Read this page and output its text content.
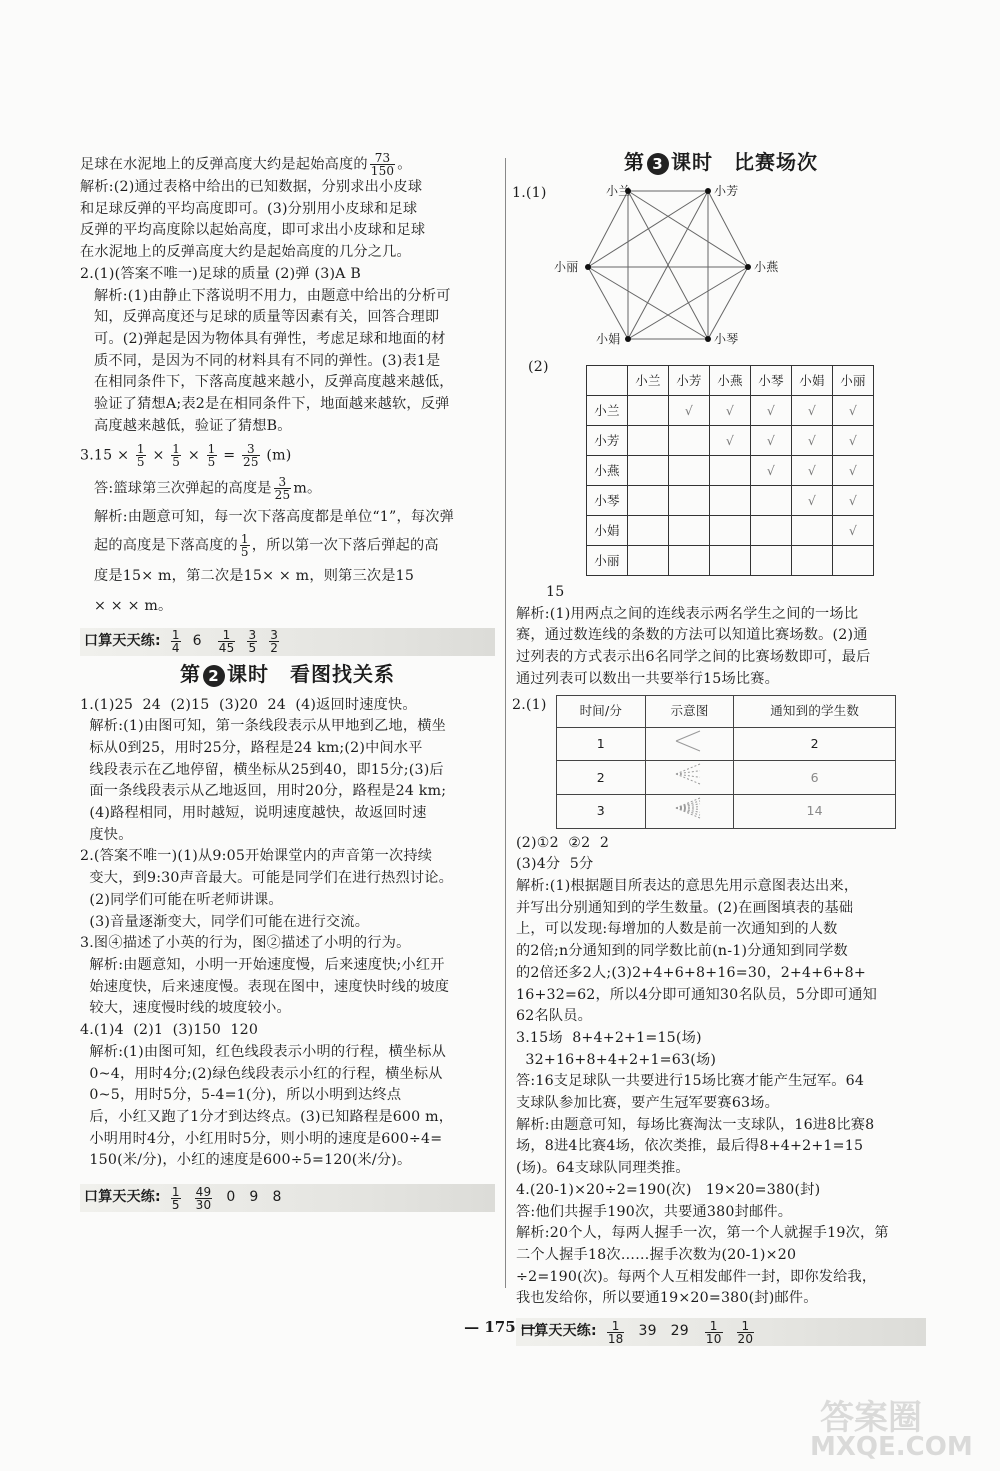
足球在水泥地上的反弹高度大约是起始高度的 $\frac{73}{150}$ 。
解析:(2)通过表格中给出的已知数据，分别求出小皮球
和足球反弹的平均高度即可。(3)分别用小皮球和足球
反弹的平均高度除以起始高度，即可求出小皮球和足球
在水泥地上的反弹高度大约是起始高度的几分之几。
2.(1)(答案不唯一)足球的质量 (2)弹 (3)A B
解析:(1)由静止下落说明不用力，由题意中给出的分析可
知，反弹高度还与足球的质量等因素有关，回答合理即
可。(2)弹起是因为物体具有弹性，考虑足球和地面的材
质不同，是因为不同的材料具有不同的弹性。(3)表1是
在相同条件下，下落高度越来越小，反弹高度越来越低，
验证了猜想A;表2是在相同条件下，地面越来越软，反弹
高度越来越低，验证了猜想B。
$3.15 \times \frac{1}{5} \times \frac{1}{5} \times \frac{1}{5} = \frac{3}{25} (m)$
答:篮球第三次弹起的高度是 $\frac{3}{25}$ m。
解析:由题意可知，每一次下落高度都是单位“1”，每次弹
起的高度是下落高度的 $\frac{1}{5}$ ，所以第一次下落后弹起的高
度是15× m，第二次是15× × m，则第三次是15
× × × m。
口算天天练: $\frac{1}{4} 6 \frac{1}{45} \frac{3}{5} \frac{3}{2}$
第 2 课时　看图找关系
1.(1)25  24  (2)15  (3)20  24  (4)返回时速度快。
解析:(1)由图可知，第一条线段表示从甲地到乙地，横坐
标从0到25，用时25分，路程是24 km;(2)中间水平
线段表示在乙地停留，横坐标从25到40，即15分;(3)后
面一条线段表示从乙地返回，用时20分，路程是24 km;
(4)路程相同，用时越短，说明速度越快，故返回时速
度快。
2.(答案不唯一)(1)从9:05开始课堂内的声音第一次持续
变大，到9:30声音最大。可能是同学们在进行热烈讨论。
(2)同学们可能在听老师讲课。
(3)音量逐渐变大，同学们可能在进行交流。
3.图④描述了小英的行为，图②描述了小明的行为。
解析:由题意知，小明一开始速度慢，后来速度快;小红开
始速度快，后来速度慢。表现在图中，速度快时线的坡度
较大，速度慢时线的坡度较小。
4.(1)4  (2)1  (3)150  120
解析:(1)由图可知，红色线段表示小明的行程，横坐标从
0~4，用时4分;(2)绿色线段表示小红的行程，横坐标从
0~5，用时5分，5-4=1(分)，所以小明到达终点
后，小红又跑了1分才到达终点。(3)已知路程是600 m，
小明用时4分，小红用时5分，则小明的速度是600÷4=
150(米/分)，小红的速度是600÷5=120(米/分)。
口算天天练: $\frac{1}{5} \frac{49}{30} 0$   9   8
第 3 课时　比赛场次
1.(1)	小兰	小芳
小燕
小琴
小娟
小丽
(2)
	小兰	小芳	小燕	小琴	小娟	小丽
小兰		√	√	√	√	√
小芳			√	√	√	√
小燕				√	√	√
小琴					√	√
小娟						√
小丽						
15
解析:(1)用两点之间的连线表示两名学生之间的一场比
赛，通过数连线的条数的方法可以知道比赛场数。(2)通
过列表的方式表示出6名同学之间的比赛场数即可，最后
通过列表可以数出一共要举行15场比赛。
2.(1)	时间/分	示意图	通知到的学生数
1		2
2		6
3		14
(2)①2  ②2  2
(3)4分  5分
解析:(1)根据题目所表达的意思先用示意图表达出来，
并写出分别通知到的学生数量。(2)在画图填表的基础
上，可以发现:每增加的人数是前一次通知到的人数
的2倍;n分通知到的同学数比前(n-1)分通知到同学数
的2倍还多2人;(3)2+4+6+8+16=30，2+4+6+8+
16+32=62，所以4分即可通知30名队员，5分即可通知
62名队员。
3.15场  8+4+2+1=15(场)
32+16+8+4+2+1=63(场)
答:16支足球队一共要进行15场比赛才能产生冠军。64
支球队参加比赛，要产生冠军要赛63场。
解析:由题意可知，每场比赛淘汰一支球队，16进8比赛8
场，8进4比赛4场，依次类推，最后得8+4+2+1=15
(场)。64支球队同理类推。
4.(20-1)×20÷2=190(次)   19×20=380(封)
答:他们共握手190次，共要通380封邮件。
解析:20个人，每两人握手一次，第一个人就握手19次，第
二个人握手18次……握手次数为(20-1)×20
÷2=190(次)。每两个人互相发邮件一封，即你发给我，
我也发给你，所以要通19×20=380(封)邮件。
口算天天练: $\frac{1}{18} 39$   $29 \frac{1}{10} \frac{1}{20}$
— 175 —
答案圈
MXQE.COM
